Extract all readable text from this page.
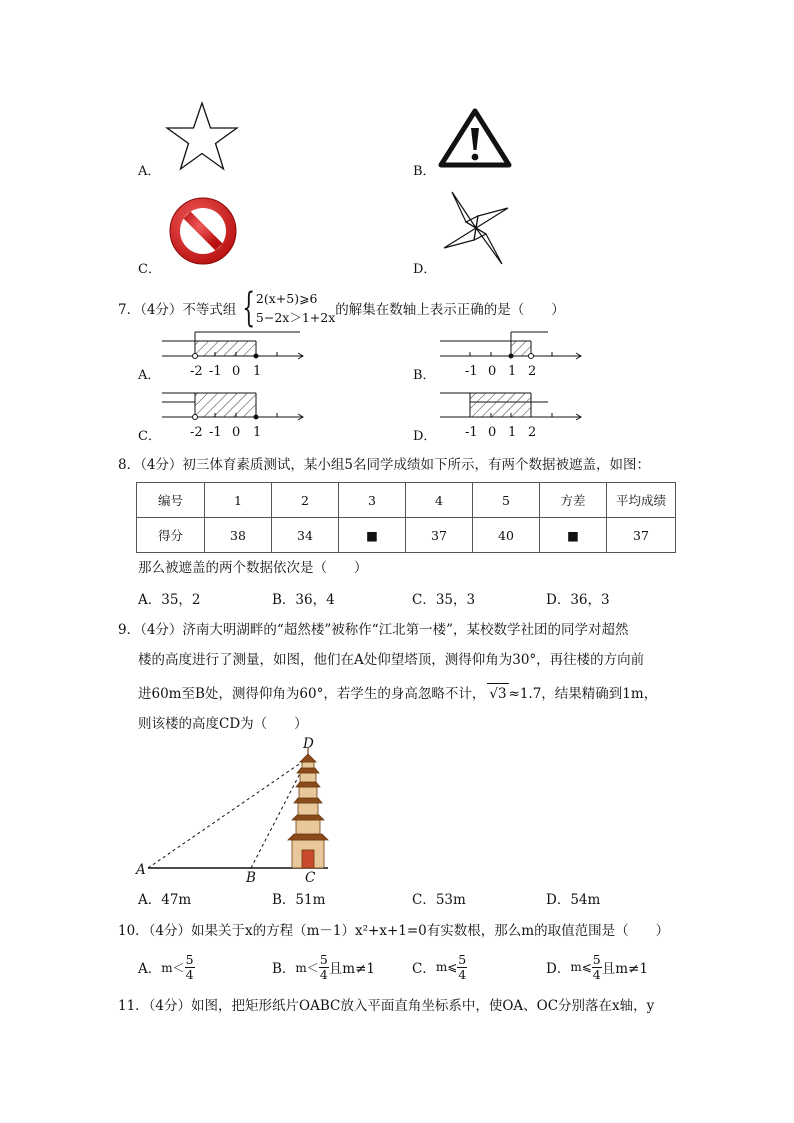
A．	B．
C．	D．
7．（4分）不等式组 { 2(x+5)⩾6
5−2x＞1+2x 的解集在数轴上表示正确的是（　　）
A． -2 -1 0 1	B． -1 0 1 2
C． -2 -1 0 1	D． -1 0 1 2
8．（4分）初三体育素质测试，某小组5名同学成绩如下所示，有两个数据被遮盖，如图：
编号	1	2	3	4	5	方差	平均成绩
得分	38	34	■	37	40	■	37
那么被遮盖的两个数据依次是（　　）
A．35，2	B．36，4	C．35，3	D．36，3
9．（4分）济南大明湖畔的“超然楼”被称作“江北第一楼”，某校数学社团的同学对超然
楼的高度进行了测量，如图，他们在A处仰望塔顶，测得仰角为30°，再往楼的方向前
进60m至B处，测得仰角为60°，若学生的身高忽略不计， √3 ≈1.7，结果精确到1m，
则该楼的高度CD为（　　）
D
A	B	C
A．47m	B．51m	C．53m	D．54m
10．（4分）如果关于x的方程（m－1）x²+x+1=0有实数根，那么m的取值范围是（　　）
A． $m< \frac{5}{4}$	B． $m< \frac{5}{4}$ 且m≠1	C． m⩽ $\frac{5}{4}$	D． m⩽ $\frac{5}{4}$ 且m≠1
11．（4分）如图，把矩形纸片OABC放入平面直角坐标系中，使OA、OC分别落在x轴，y
